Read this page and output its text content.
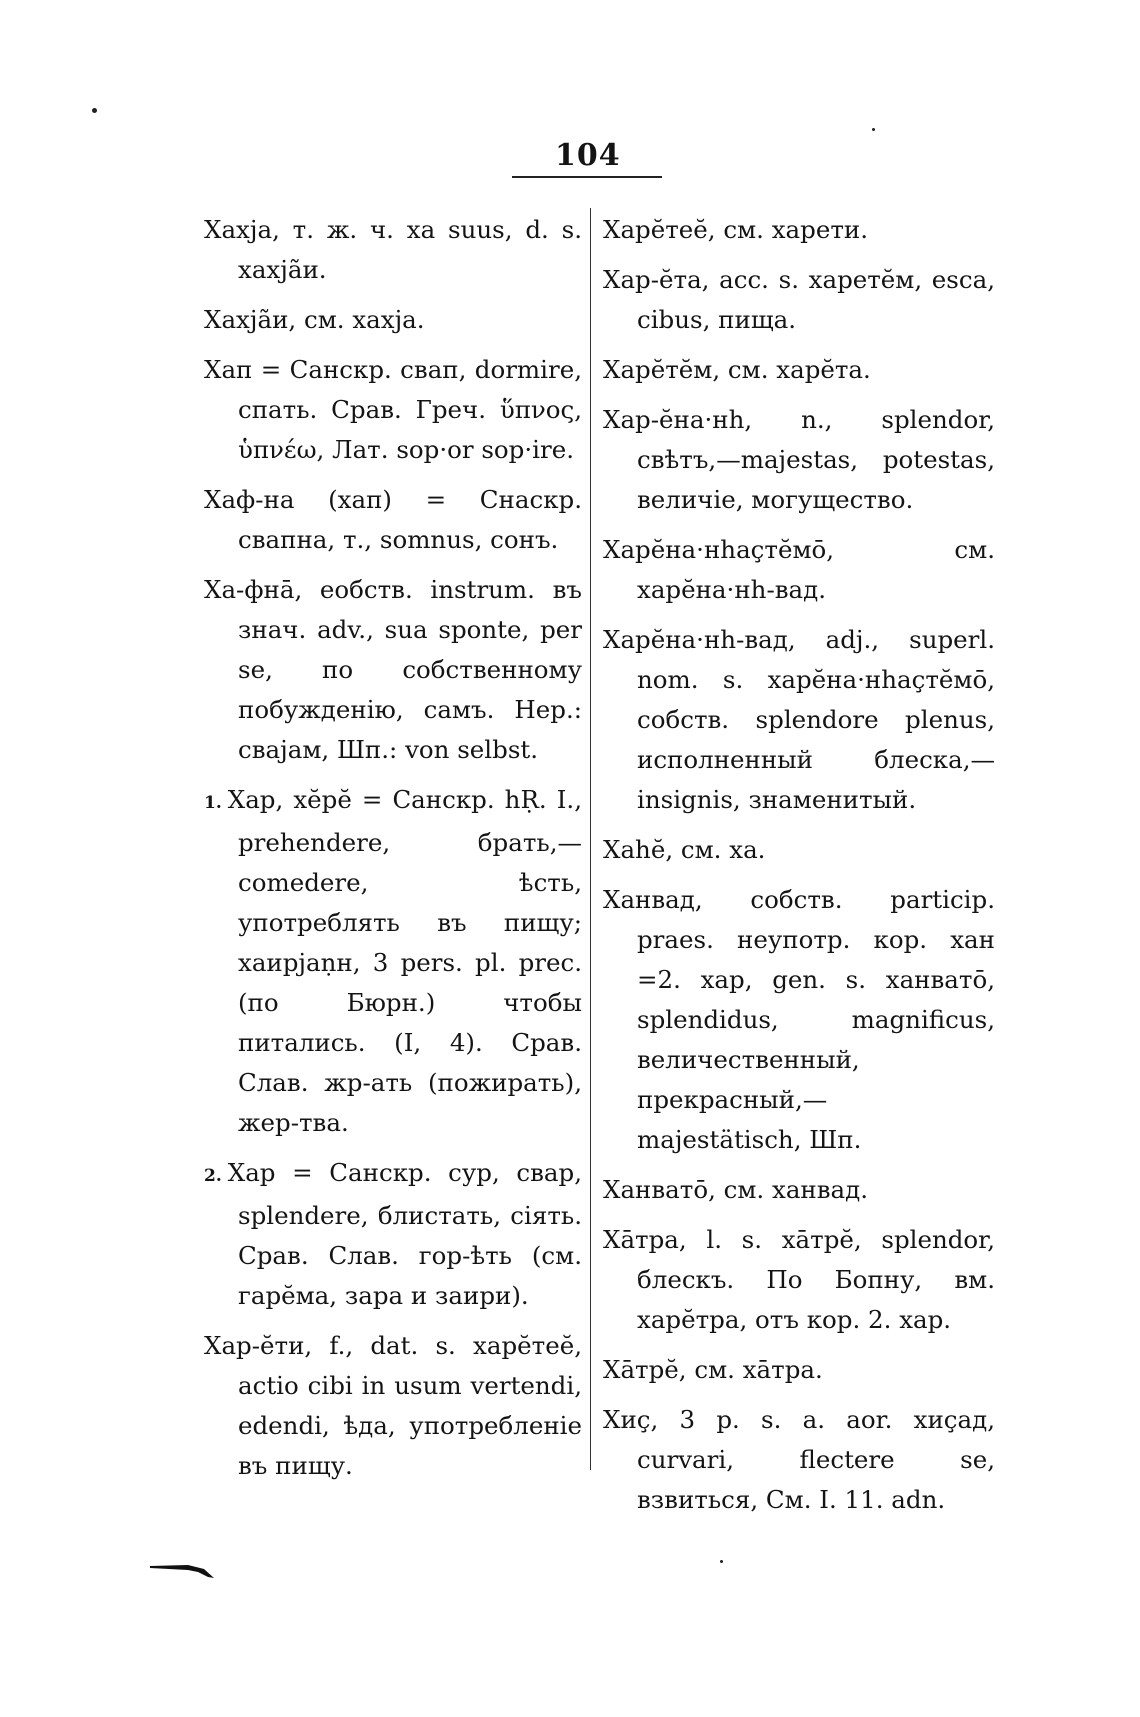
104

Хахја, т. ж. ч. ха suus, d. s. хахјãи.

Хахјãи, см. хахја.

Хап = Санскр. свап, dormire, спать. Срав. Греч. ὕπνος, ὑπνέω, Лат. sop·or sop·ire.

Хаф-на (хап) = Снаскр. свапна, т., somnus, сонъ.

Ха-фнā, еобств. instrum. въ знач. adv., sua sponte, per se, по собственному побужденію, самъ. Нер.: свајам, Шп.: von selbst.

1. Хар, хĕрĕ = Санскр. hṚ. I., prehendere, брать,—comedere, ѣсть, употреблять въ пищу; хаирјаṇн, 3 pers. pl. prec. (по Бюрн.) чтобы питались. (I, 4). Срав. Слав. жр-ать (пожирать), жер-тва.

2. Хар = Санскр. сур, свар, splendere, блистать, сіять. Срав. Слав. гор-ѣть (см. гарĕма, зара и заири).

Хар-ĕти, f., dat. s. харĕтеĕ, actio cibi in usum vertendi, edendi, ѣда, употребленіе въ пищу.

Харĕтеĕ, см. харети.

Хар-ĕта, acc. s. харетĕм, esca, cibus, пища.

Харĕтĕм, см. харĕта.

Хар-ĕна·нh, n., splendor, свѣтъ,—majestas, potestas, величіе, могущество.

Харĕна·нhаçтĕмō, см. харĕна·нh-вад.

Харĕна·нh-вад, adj., superl. nom. s. харĕна·нhаçтĕмō, собств. splendore plenus, исполненный блеска,— insignis, знаменитый.

Хаhĕ, см. ха.

Ханвад, собств. particip. praes. неупотр. кор. хан =2. хар, gen. s. ханватō, splendidus, magnificus, величественный, прекрасный,— majestätisch, Шп.

Ханватō, см. ханвад.

Хāтра, l. s. хāтрĕ, splendor, блескъ. По Бопну, вм. харĕтра, отъ кор. 2. хар.

Хāтрĕ, см. хāтра.

Хиç, 3 p. s. a. aor. хиçад, curvari, flectere se, взвиться, См. I. 11. adn.
